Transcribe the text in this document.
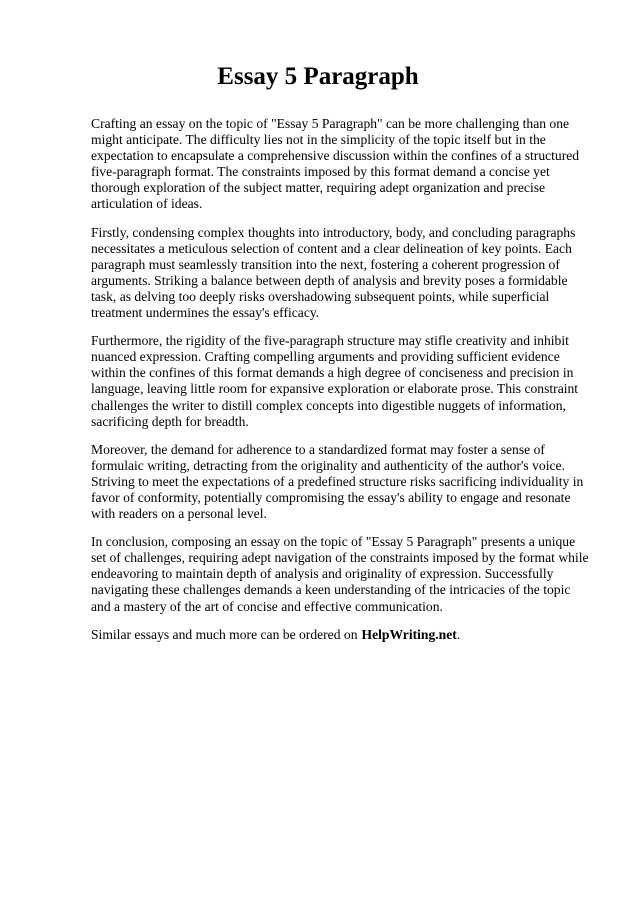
Essay 5 Paragraph

Crafting an essay on the topic of "Essay 5 Paragraph" can be more challenging than one might anticipate. The difficulty lies not in the simplicity of the topic itself but in the expectation to encapsulate a comprehensive discussion within the confines of a structured five-paragraph format. The constraints imposed by this format demand a concise yet thorough exploration of the subject matter, requiring adept organization and precise articulation of ideas.

Firstly, condensing complex thoughts into introductory, body, and concluding paragraphs necessitates a meticulous selection of content and a clear delineation of key points. Each paragraph must seamlessly transition into the next, fostering a coherent progression of arguments. Striking a balance between depth of analysis and brevity poses a formidable task, as delving too deeply risks overshadowing subsequent points, while superficial treatment undermines the essay's efficacy.

Furthermore, the rigidity of the five-paragraph structure may stifle creativity and inhibit nuanced expression. Crafting compelling arguments and providing sufficient evidence within the confines of this format demands a high degree of conciseness and precision in language, leaving little room for expansive exploration or elaborate prose. This constraint challenges the writer to distill complex concepts into digestible nuggets of information, sacrificing depth for breadth.

Moreover, the demand for adherence to a standardized format may foster a sense of formulaic writing, detracting from the originality and authenticity of the author's voice. Striving to meet the expectations of a predefined structure risks sacrificing individuality in favor of conformity, potentially compromising the essay's ability to engage and resonate with readers on a personal level.

In conclusion, composing an essay on the topic of "Essay 5 Paragraph" presents a unique set of challenges, requiring adept navigation of the constraints imposed by the format while endeavoring to maintain depth of analysis and originality of expression. Successfully navigating these challenges demands a keen understanding of the intricacies of the topic and a mastery of the art of concise and effective communication.

Similar essays and much more can be ordered on HelpWriting.net.
